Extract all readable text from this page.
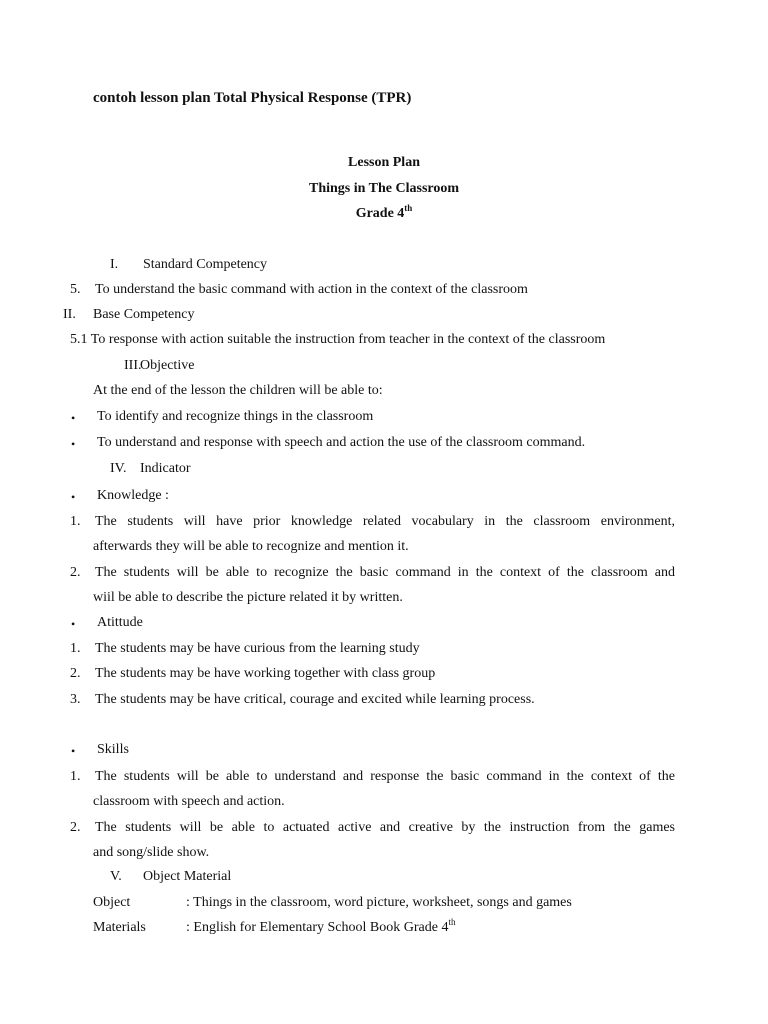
contoh lesson plan Total Physical Response (TPR)
Lesson Plan
Things in The Classroom
Grade 4th
I. Standard Competency
5. To understand the basic command with action in the context of the classroom
II. Base Competency
5.1 To response with action suitable the instruction from teacher in the context of the classroom
III.
Objective
At the end of the lesson the children will be able to:
• To identify and recognize things in the classroom
• To understand and response with speech and action the use of the classroom command.
IV. Indicator
• Knowledge :
1. The students will have prior knowledge related vocabulary in the classroom environment,
afterwards they will be able to recognize and mention it.
2. The students will be able to recognize the basic command in the context of the classroom and
wiil be able to describe the picture related it by written.
• Atittude
1. The students may be have curious from the learning study
2. The students may be have working together with class group
3. The students may be have critical, courage and excited while learning process.
• Skills
1. The students will be able to understand and response the basic command in the context of the
classroom with speech and action.
2. The students will be able to actuated active and creative by the instruction from the games
and song/slide show.
V. Object Material
Object	: Things in the classroom, word picture, worksheet, songs and games
Materials	: English for Elementary School Book Grade 4th
